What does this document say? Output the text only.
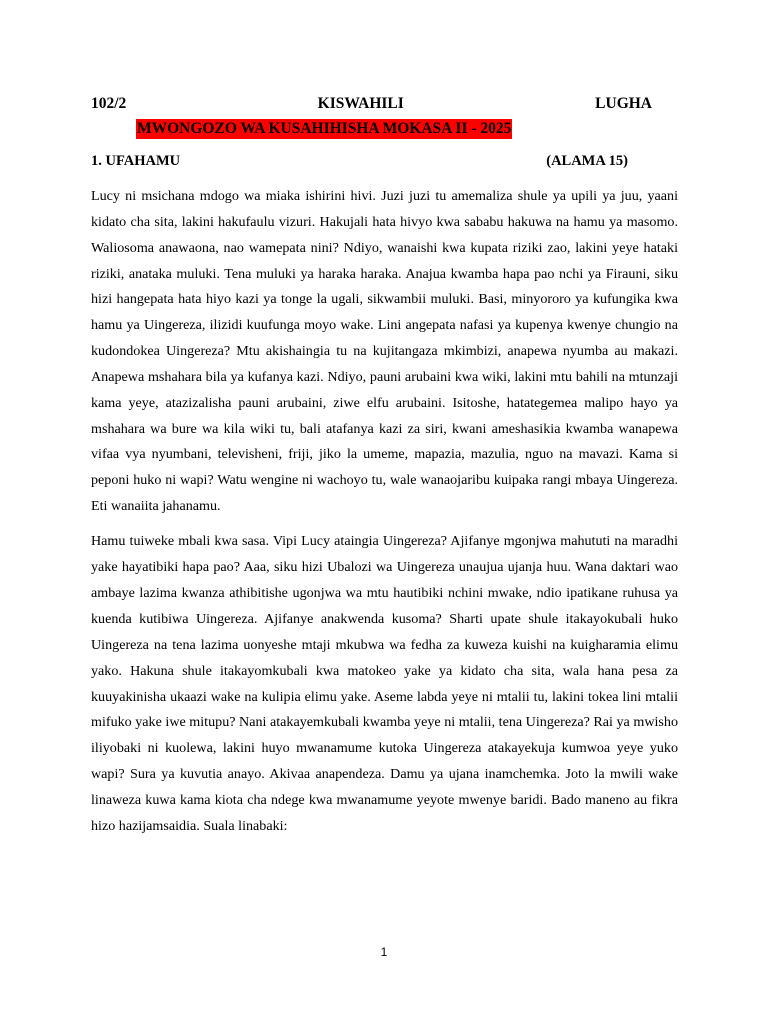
102/2	KISWAHILI	LUGHA
MWONGOZO WA KUSAHIHISHA MOKASA II - 2025
1. UFAHAMU	(ALAMA 15)

Lucy ni msichana mdogo wa miaka ishirini hivi. Juzi juzi tu amemaliza shule ya upili ya juu, yaani kidato cha sita, lakini hakufaulu vizuri. Hakujali hata hivyo kwa sababu hakuwa na hamu ya masomo. Waliosoma anawaona, nao wamepata nini? Ndiyo, wanaishi kwa kupata riziki zao, lakini yeye hataki riziki, anataka muluki. Tena muluki ya haraka haraka. Anajua kwamba hapa pao nchi ya Firauni, siku hizi hangepata hata hiyo kazi ya tonge la ugali, sikwambii muluki. Basi, minyororo ya kufungika kwa hamu ya Uingereza, ilizidi kuufunga moyo wake. Lini angepata nafasi ya kupenya kwenye chungio na kudondokea Uingereza? Mtu akishaingia tu na kujitangaza mkimbizi, anapewa nyumba au makazi. Anapewa mshahara bila ya kufanya kazi. Ndiyo, pauni arubaini kwa wiki, lakini mtu bahili na mtunzaji kama yeye, atazizalisha pauni arubaini, ziwe elfu arubaini. Isitoshe, hatategemea malipo hayo ya mshahara wa bure wa kila wiki tu, bali atafanya kazi za siri, kwani ameshasikia kwamba wanapewa vifaa vya nyumbani, televisheni, friji, jiko la umeme, mapazia, mazulia, nguo na mavazi. Kama si peponi huko ni wapi? Watu wengine ni wachoyo tu, wale wanaojaribu kuipaka rangi mbaya Uingereza. Eti wanaiita jahanamu.

Hamu tuiweke mbali kwa sasa. Vipi Lucy ataingia Uingereza? Ajifanye mgonjwa mahututi na maradhi yake hayatibiki hapa pao? Aaa, siku hizi Ubalozi wa Uingereza unaujua ujanja huu. Wana daktari wao ambaye lazima kwanza athibitishe ugonjwa wa mtu hautibiki nchini mwake, ndio ipatikane ruhusa ya kuenda kutibiwa Uingereza. Ajifanye anakwenda kusoma? Sharti upate shule itakayokubali huko Uingereza na tena lazima uonyeshe mtaji mkubwa wa fedha za kuweza kuishi na kuigharamia elimu yako. Hakuna shule itakayomkubali kwa matokeo yake ya kidato cha sita, wala hana pesa za kuuyakinisha ukaazi wake na kulipia elimu yake. Aseme labda yeye ni mtalii tu, lakini tokea lini mtalii mifuko yake iwe mitupu? Nani atakayemkubali kwamba yeye ni mtalii, tena Uingereza? Rai ya mwisho iliyobaki ni kuolewa, lakini huyo mwanamume kutoka Uingereza atakayekuja kumwoa yeye yuko wapi? Sura ya kuvutia anayo. Akivaa anapendeza. Damu ya ujana inamchemka. Joto la mwili wake linaweza kuwa kama kiota cha ndege kwa mwanamume yeyote mwenye baridi. Bado maneno au fikra hizo hazijamsaidia. Suala linabaki:

1
